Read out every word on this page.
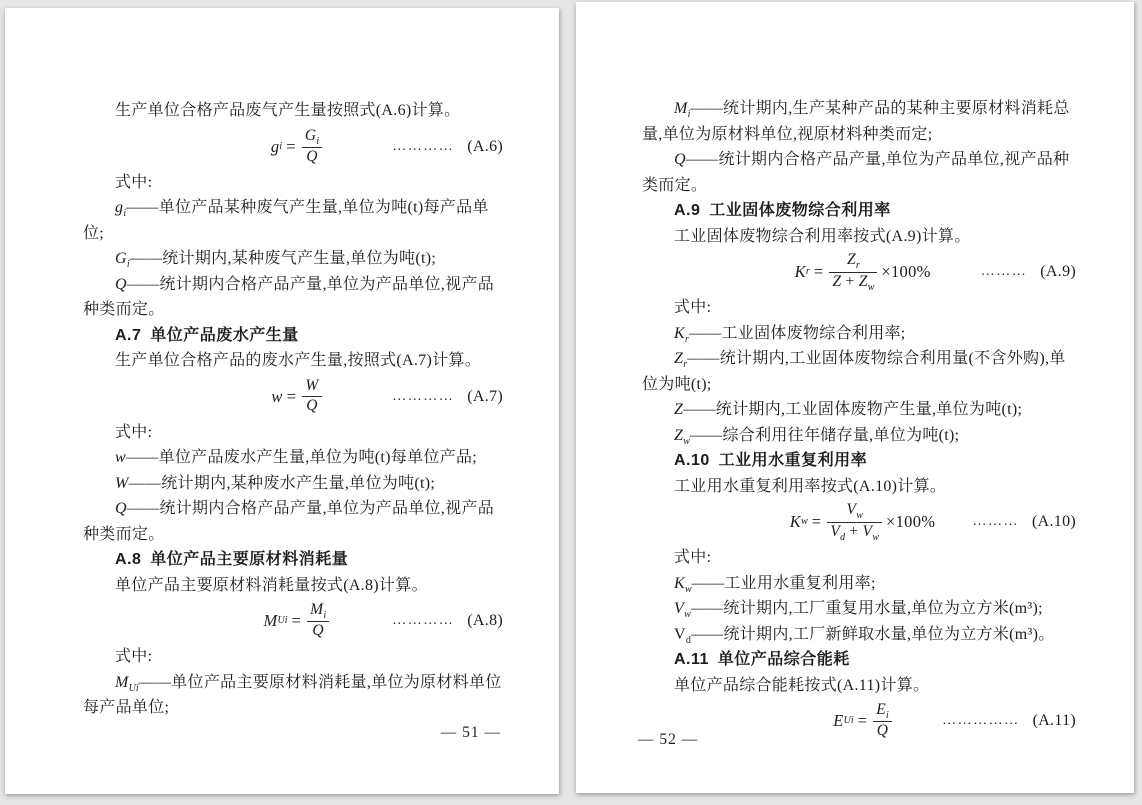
生产单位合格产品废气产生量按照式(A.6)计算。

g $i = \frac{G_i}{Q}$	………… (A.6)

式中:

$g_i——$单位产品某种废气产生量,单位为吨(t)每产品单位;

$G_i——$统计期内,某种废气产生量,单位为吨(t);

Q——统计期内合格产品产量,单位为产品单位,视产品种类而定。

A.7 单位产品废水产生量

生产单位合格产品的废水产生量,按照式(A.7)计算。

$w = \frac{W}{Q}$	………… (A.7)

式中:

w——单位产品废水产生量,单位为吨(t)每单位产品;

W——统计期内,某种废水产生量,单位为吨(t);

Q——统计期内合格产品产量,单位为产品单位,视产品种类而定。

A.8 单位产品主要原材料消耗量

单位产品主要原材料消耗量按式(A.8)计算。

M $Ui = \frac{M_i}{Q}$	………… (A.8)

式中:

$M_{Ui}——$单位产品主要原材料消耗量,单位为原材料单位每产品单位;

— 51 —

$M_i——$统计期内,生产某种产品的某种主要原材料消耗总量,单位为原材料单位,视原材料种类而定;

Q——统计期内合格产品产量,单位为产品单位,视产品种类而定。

A.9 工业固体废物综合利用率

工业固体废物综合利用率按式(A.9)计算。

K $r = \frac{Z_r}{Z + Z_w} \times 100\%$	……… (A.9)

式中:

$K_r——$工业固体废物综合利用率;

$Z_r——$统计期内,工业固体废物综合利用量(不含外购),单位为吨(t);

Z——统计期内,工业固体废物产生量,单位为吨(t);

$Z_w——$综合利用往年储存量,单位为吨(t);

A.10 工业用水重复利用率

工业用水重复利用率按式(A.10)计算。

K $w = \frac{V_w}{V_d + V_w} \times 100\%$	……… (A.10)

式中:

$K_w——$工业用水重复利用率;

$V_w——$统计期内,工厂重复用水量,单位为立方米(m³);

$V_d——$统计期内,工厂新鲜取水量,单位为立方米(m³)。

A.11 单位产品综合能耗

单位产品综合能耗按式(A.11)计算。

E $Ui = \frac{E_i}{Q}$	…………… (A.11)
— 52 —
